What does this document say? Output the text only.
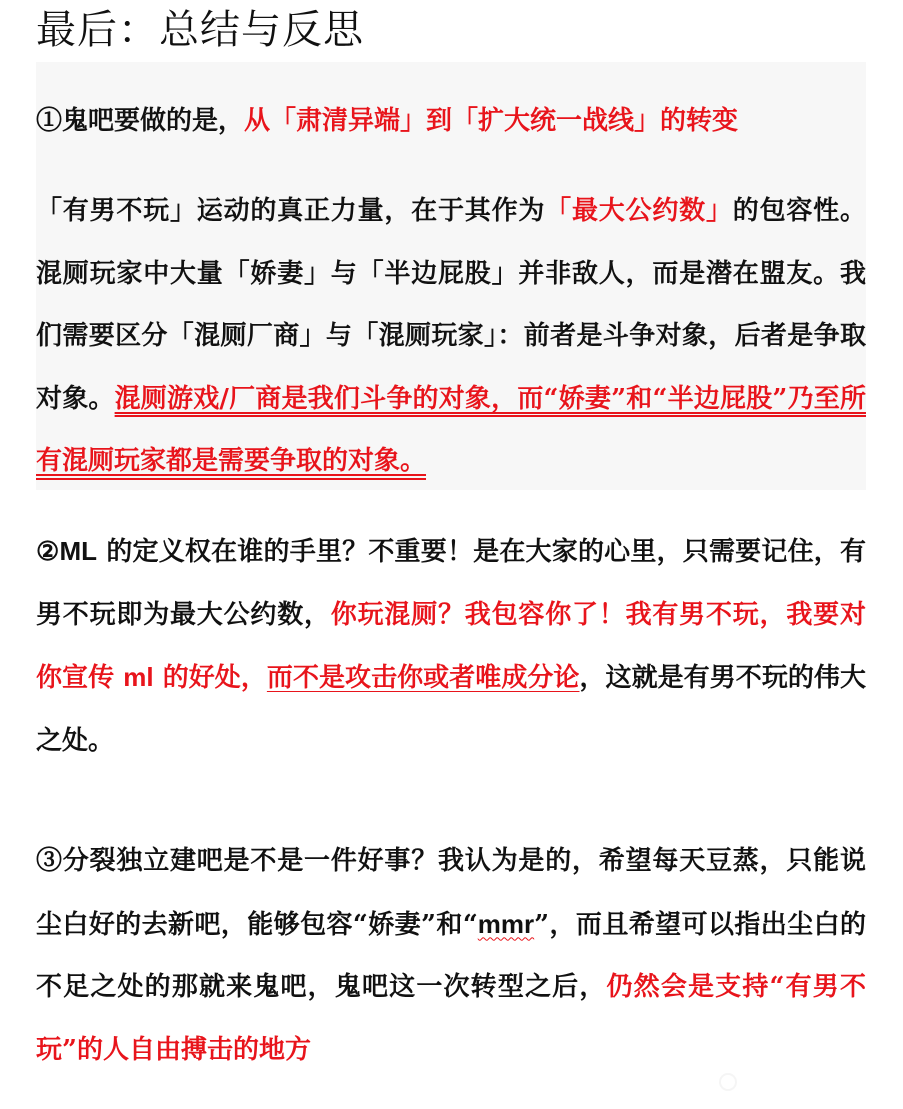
最后：总结与反思
①鬼吧要做的是，从「肃清异端」到「扩大统一战线」的转变
「有男不玩」运动的真正力量，在于其作为「最大公约数」的包容性。混厕玩家中大量「娇妻」与「半边屁股」并非敌人，而是潜在盟友。我们需要区分「混厕厂商」与「混厕玩家」：前者是斗争对象，后者是争取对象。混厕游戏/厂商是我们斗争的对象，而“娇妻”和“半边屁股”乃至所有混厕玩家都是需要争取的对象。
②ML 的定义权在谁的手里？不重要！是在大家的心里，只需要记住，有男不玩即为最大公约数，你玩混厕？我包容你了！我有男不玩，我要对你宣传 ml 的好处，而不是攻击你或者唯成分论，这就是有男不玩的伟大之处。
③分裂独立建吧是不是一件好事？我认为是的，希望每天豆蒸，只能说尘白好的去新吧，能够包容“娇妻”和“mmr”，而且希望可以指出尘白的不足之处的那就来鬼吧，鬼吧这一次转型之后，仍然会是支持“有男不玩”的人自由搏击的地方
